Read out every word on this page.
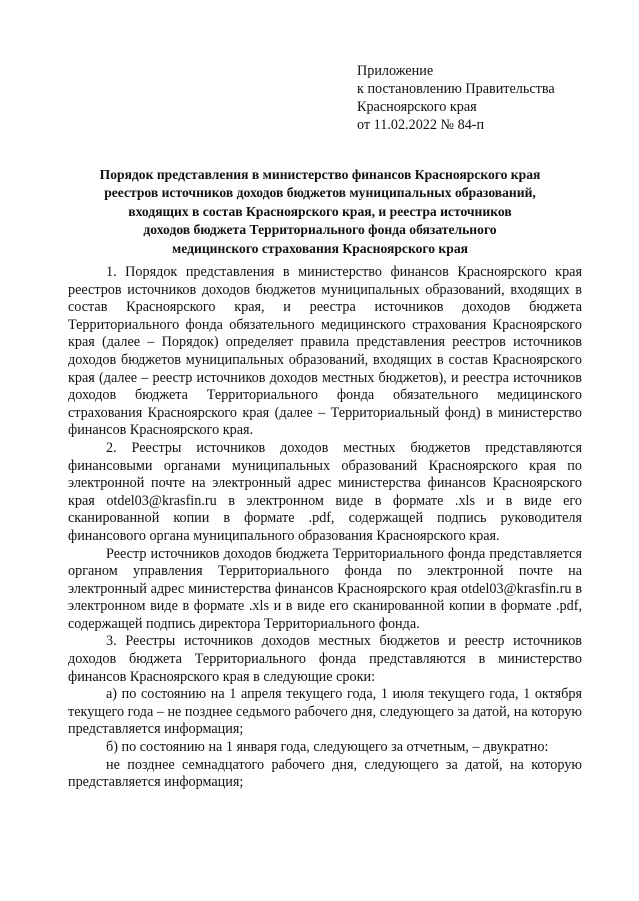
Приложение
к постановлению Правительства
Красноярского края
от 11.02.2022 № 84-п
Порядок представления в министерство финансов Красноярского края
реестров источников доходов бюджетов муниципальных образований,
входящих в состав Красноярского края, и реестра источников
доходов бюджета Территориального фонда обязательного
медицинского страхования Красноярского края

1. Порядок представления в министерство финансов Красноярского края реестров источников доходов бюджетов муниципальных образований, входящих в состав Красноярского края, и реестра источников доходов бюджета Территориального фонда обязательного медицинского страхования Красноярского края (далее – Порядок) определяет правила представления реестров источников доходов бюджетов муниципальных образований, входящих в состав Красноярского края (далее – реестр источников доходов местных бюджетов), и реестра источников доходов бюджета Территориального фонда обязательного медицинского страхования Красноярского края (далее – Территориальный фонд) в министерство финансов Красноярского края.

2. Реестры источников доходов местных бюджетов представляются финансовыми органами муниципальных образований Красноярского края по электронной почте на электронный адрес министерства финансов Красноярского края otdel03@krasfin.ru в электронном виде в формате .xls и в виде его сканированной копии в формате .pdf, содержащей подпись руководителя финансового органа муниципального образования Красноярского края.

Реестр источников доходов бюджета Территориального фонда представляется органом управления Территориального фонда по электронной почте на электронный адрес министерства финансов Красноярского края otdel03@krasfin.ru в электронном виде в формате .xls и в виде его сканированной копии в формате .pdf, содержащей подпись директора Территориального фонда.

3. Реестры источников доходов местных бюджетов и реестр источников доходов бюджета Территориального фонда представляются в министерство финансов Красноярского края в следующие сроки:

а) по состоянию на 1 апреля текущего года, 1 июля текущего года, 1 октября текущего года – не позднее седьмого рабочего дня, следующего за датой, на которую представляется информация;

б) по состоянию на 1 января года, следующего за отчетным, – двукратно:

не позднее семнадцатого рабочего дня, следующего за датой, на которую представляется информация;
